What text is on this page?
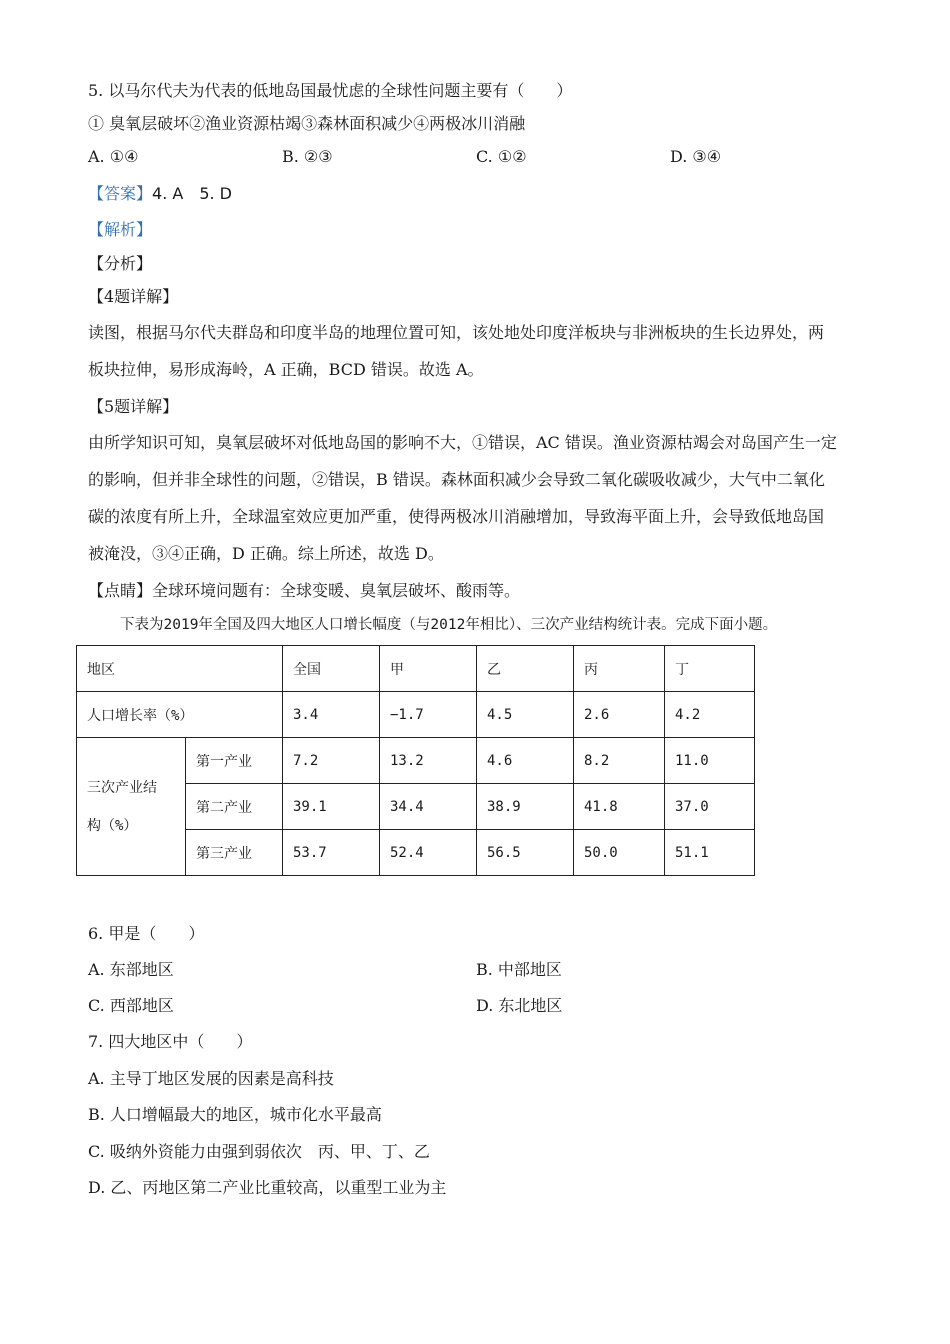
5. 以马尔代夫为代表的低地岛国最忧虑的全球性问题主要有（　　）
① 臭氧层破坏②渔业资源枯竭③森林面积减少④两极冰川消融
A. ①④	B. ②③	C. ①②	D. ③④
【答案】4. A　5. D
【解析】
【分析】
【4题详解】
读图，根据马尔代夫群岛和印度半岛的地理位置可知，该处地处印度洋板块与非洲板块的生长边界处，两
板块拉伸，易形成海岭，A 正确，BCD 错误。故选 A。
【5题详解】
由所学知识可知，臭氧层破坏对低地岛国的影响不大，①错误，AC 错误。渔业资源枯竭会对岛国产生一定
的影响，但并非全球性的问题，②错误，B 错误。森林面积减少会导致二氧化碳吸收减少，大气中二氧化
碳的浓度有所上升，全球温室效应更加严重，使得两极冰川消融增加，导致海平面上升，会导致低地岛国
被淹没，③④正确，D 正确。综上所述，故选 D。
【点睛】全球环境问题有：全球变暖、臭氧层破坏、酸雨等。
下表为2019年全国及四大地区人口增长幅度（与2012年相比）、三次产业结构统计表。完成下面小题。
地区		全国	甲	乙	丙	丁
人口增长率（%）		3.4	−1.7	4.5	2.6	4.2

三次产业结
构（%）	第一产业	7.2	13.2	4.6	8.2	11.0
	第二产业	39.1	34.4	38.9	41.8	37.0
	第三产业	53.7	52.4	56.5	50.0	51.1
6. 甲是（　　）
A. 东部地区	B. 中部地区
C. 西部地区	D. 东北地区
7. 四大地区中（　　）
A. 主导丁地区发展的因素是高科技
B. 人口增幅最大的地区，城市化水平最高
C. 吸纳外资能力由强到弱依次　丙、甲、丁、乙
D. 乙、丙地区第二产业比重较高，以重型工业为主
